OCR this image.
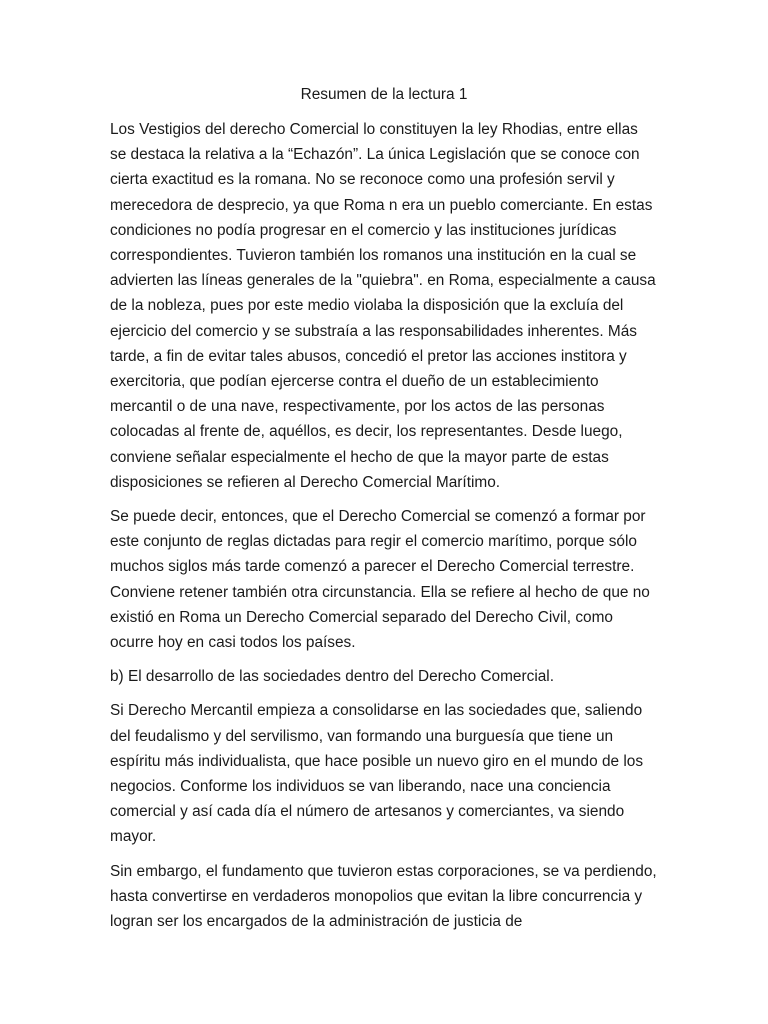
Resumen de la lectura 1

Los Vestigios del derecho Comercial lo constituyen la ley Rhodias, entre ellas se destaca la relativa a la “Echazón”. La única Legislación que se conoce con cierta exactitud es la romana. No se reconoce como una profesión servil y merecedora de desprecio, ya que Roma n era un pueblo comerciante. En estas condiciones no podía progresar en el comercio y las instituciones jurídicas correspondientes. Tuvieron también los romanos una institución en la cual se advierten las líneas generales de la "quiebra". en Roma, especialmente a causa de la nobleza, pues por este medio violaba la disposición que la excluía del ejercicio del comercio y se substraía a las responsabilidades inherentes. Más tarde, a fin de evitar tales abusos, concedió el pretor las acciones institora y exercitoria, que podían ejercerse contra el dueño de un establecimiento mercantil o de una nave, respectivamente, por los actos de las personas colocadas al frente de, aquéllos, es decir, los representantes. Desde luego, conviene señalar especialmente el hecho de que la mayor parte de estas disposiciones se refieren al Derecho Comercial Marítimo.

Se puede decir, entonces, que el Derecho Comercial se comenzó a formar por este conjunto de reglas dictadas para regir el comercio marítimo, porque sólo muchos siglos más tarde comenzó a parecer el Derecho Comercial terrestre. Conviene retener también otra circunstancia. Ella se refiere al hecho de que no existió en Roma un Derecho Comercial separado del Derecho Civil, como ocurre hoy en casi todos los países.

b) El desarrollo de las sociedades dentro del Derecho Comercial.

Si Derecho Mercantil empieza a consolidarse en las sociedades que, saliendo del feudalismo y del servilismo, van formando una burguesía que tiene un espíritu más individualista, que hace posible un nuevo giro en el mundo de los negocios. Conforme los individuos se van liberando, nace una conciencia comercial y así cada día el número de artesanos y comerciantes, va siendo mayor.

Sin embargo, el fundamento que tuvieron estas corporaciones, se va perdiendo, hasta convertirse en verdaderos monopolios que evitan la libre concurrencia y logran ser los encargados de la administración de justicia de
